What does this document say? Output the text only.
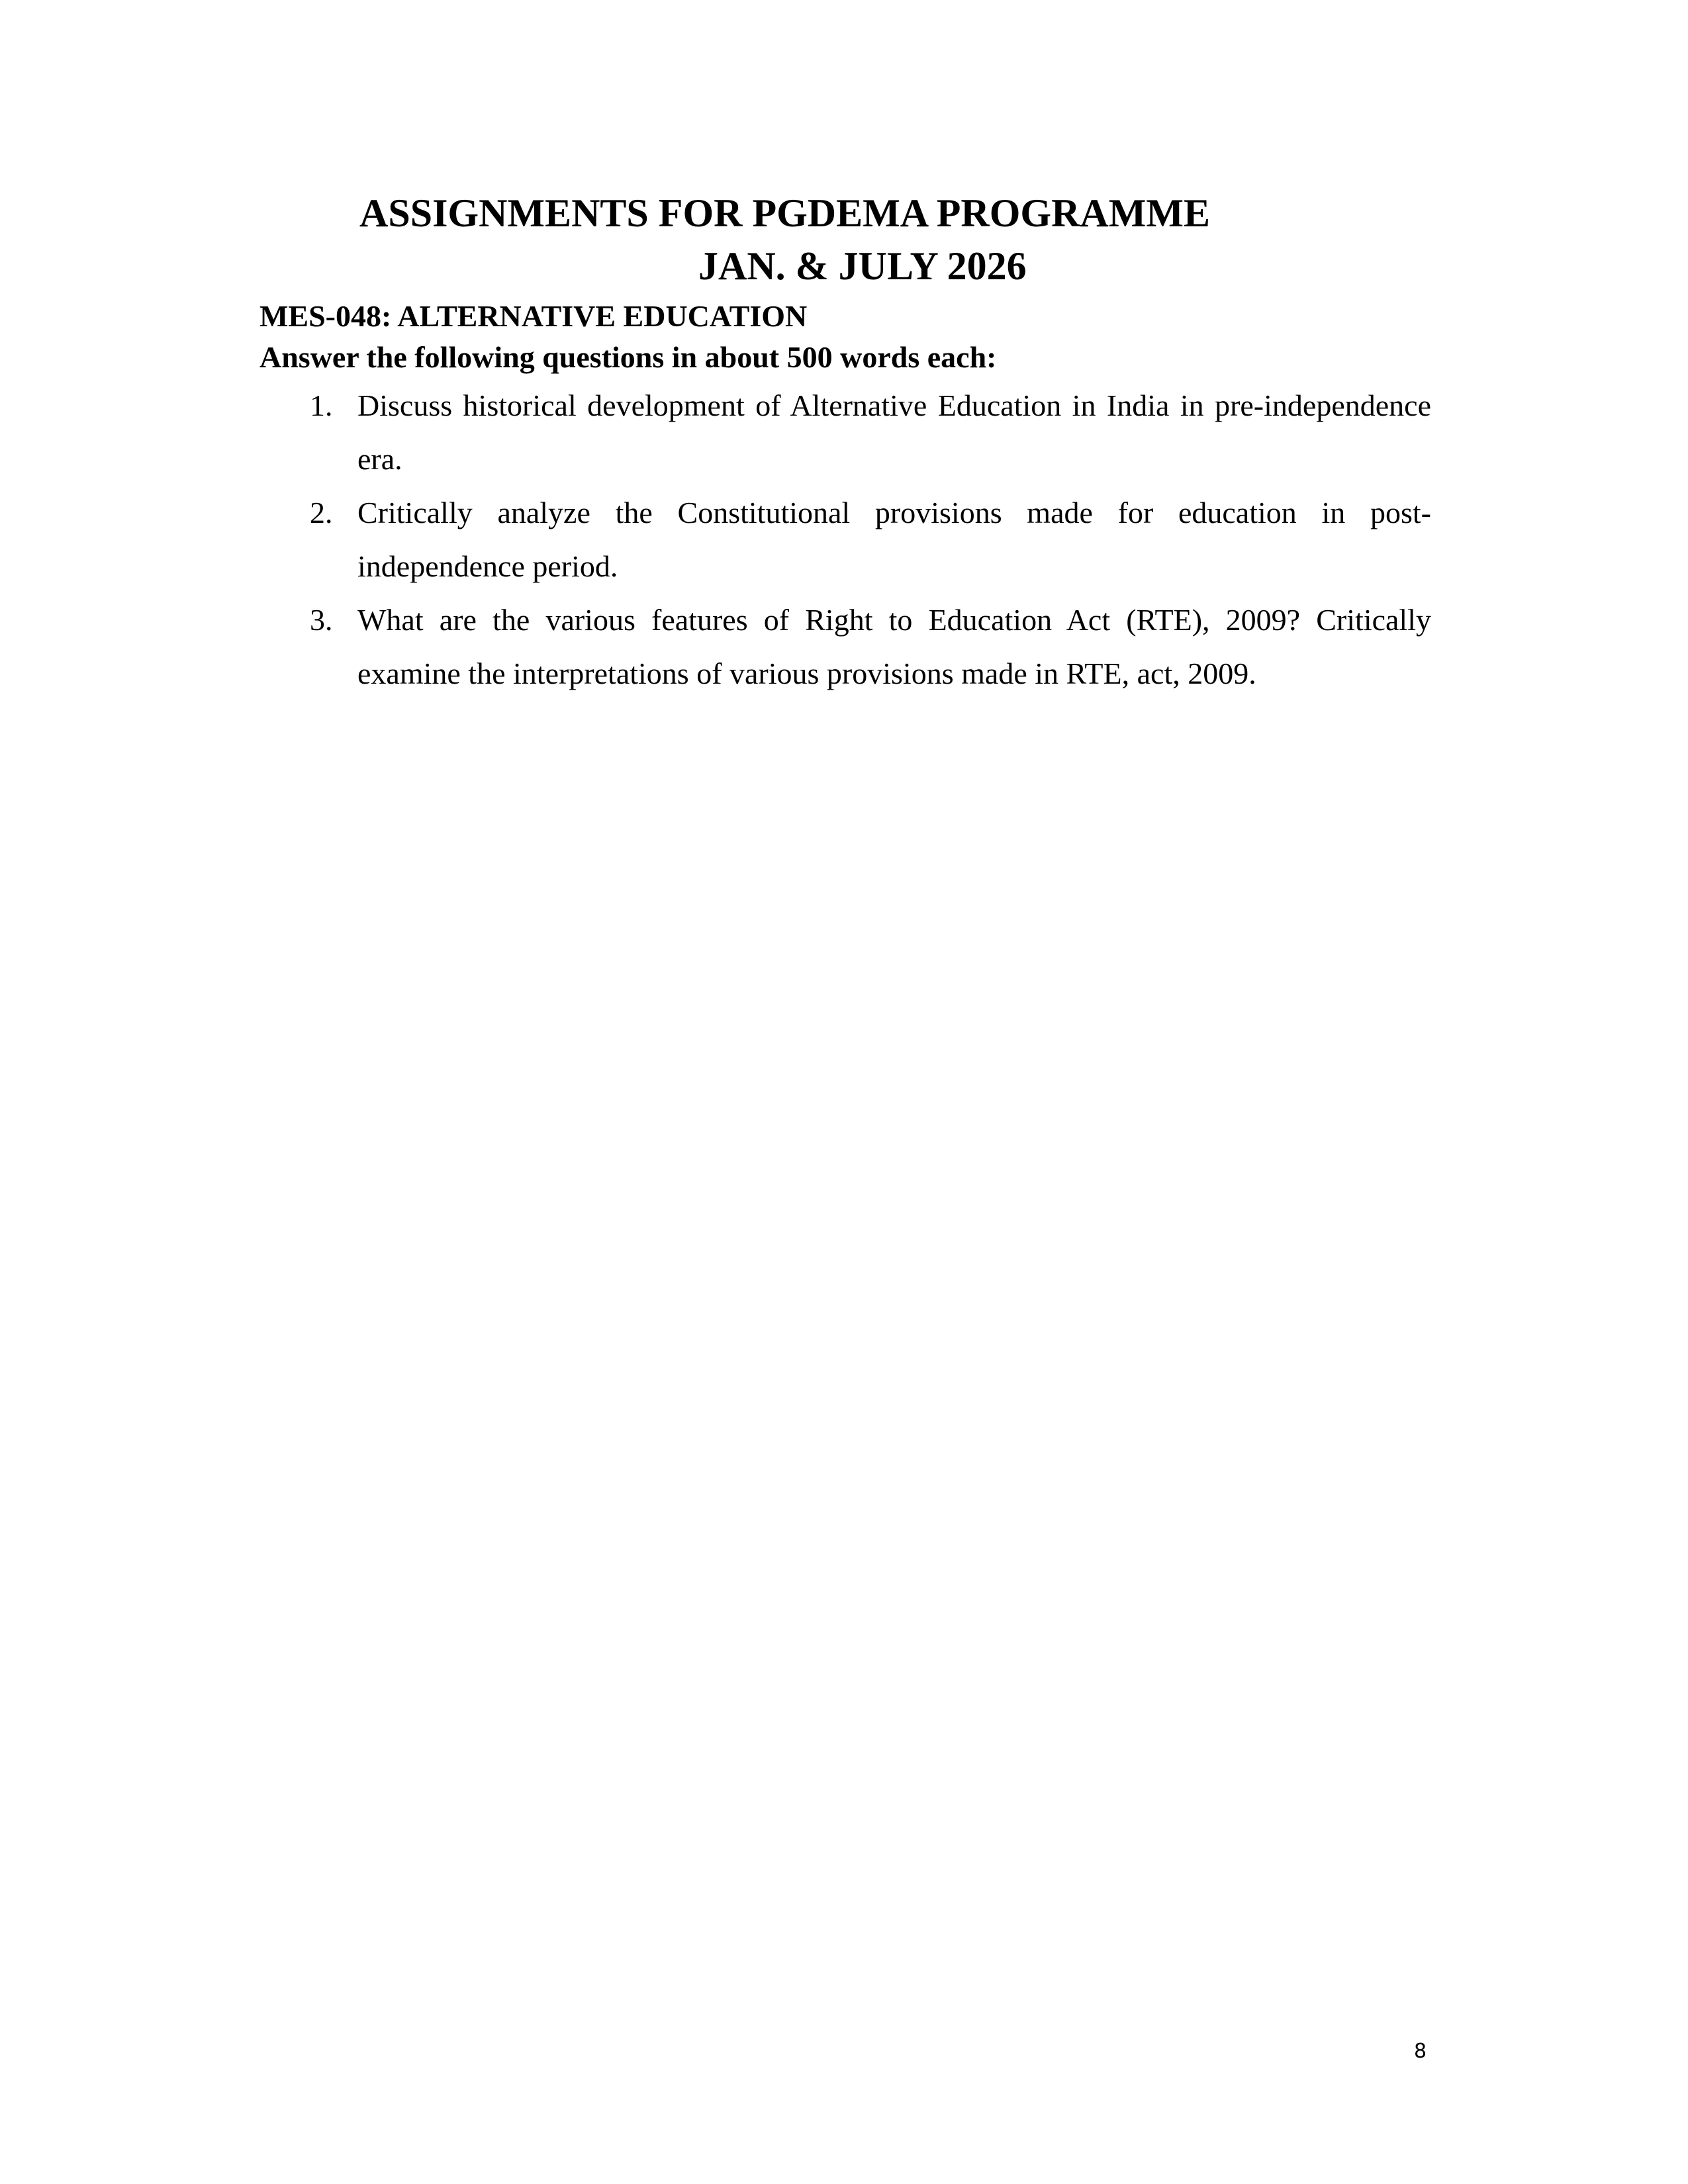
ASSIGNMENTS FOR PGDEMA PROGRAMME
JAN. & JULY 2026
MES-048: ALTERNATIVE EDUCATION
Answer the following questions in about 500 words each:
1. Discuss historical development of Alternative Education in India in pre-independence era.
2. Critically analyze the Constitutional provisions made for education in post-independence period.
3. What are the various features of Right to Education Act (RTE), 2009? Critically examine the interpretations of various provisions made in RTE, act, 2009.
8
